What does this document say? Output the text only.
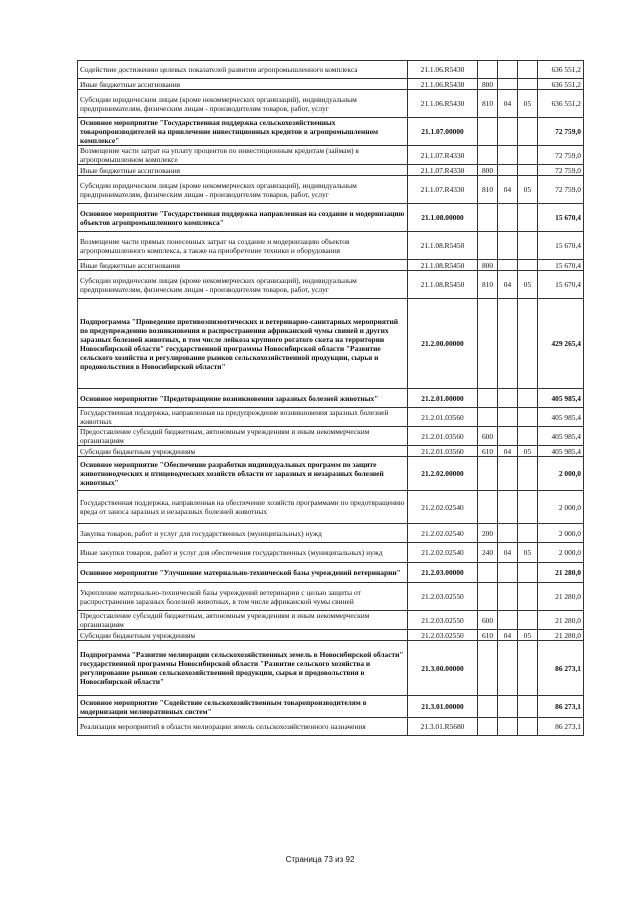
Содействие достижению целевых показателей развития агропромышленного комплекса	21.1.06.R5430				636 551,2
Иные бюджетные ассигнования	21.1.06.R5430	800			636 551,2
Субсидии юридическим лицам (кроме некоммерческих организаций), индивидуальным предпринимателям, физическим лицам - производителям товаров, работ, услуг	21.1.06.R5430	810	04	05	636 551,2
Основное мероприятие "Государственная поддержка сельскохозяйственных товаропроизводителей на привлечение инвестиционных кредитов в агропромышленном комплексе"	21.1.07.00000				72 759,0
Возмещение части затрат на уплату процентов по инвестиционным кредитам (займам) в агропромышленном комплексе	21.1.07.R4330				72 759,0
Иные бюджетные ассигнования	21.1.07.R4330	800			72 759,0
Субсидии юридическим лицам (кроме некоммерческих организаций), индивидуальным предпринимателям, физическим лицам - производителям товаров, работ, услуг	21.1.07.R4330	810	04	05	72 759,0
Основное мероприятие "Государственная поддержка направленная на создание и модернизацию объектов агропромышленного комплекса"	21.1.08.00000				15 670,4
Возмещение части прямых понесенных затрат на создание и модернизацию объектов агропромышленного комплекса, а также на приобретение техники и оборудования	21.1.08.R5450				15 670,4
Иные бюджетные ассигнования	21.1.08.R5450	800			15 670,4
Субсидии юридическим лицам (кроме некоммерческих организаций), индивидуальным предпринимателям, физическим лицам - производителям товаров, работ, услуг	21.1.08.R5450	810	04	05	15 670,4
Подпрограмма "Проведение противоэпизоотических и ветеринарно-санитарных мероприятий по предупреждению возникновения и распространения африканской чумы свиней и других заразных болезней животных, в том числе лейкоза крупного рогатого скота на территории Новосибирской области" государственной программы Новосибирской области "Развитие сельского хозяйства и регулирование рынков сельскохозяйственной продукции, сырья и продовольствия в Новосибирской области"	21.2.00.00000				429 265,4
Основное мероприятие "Предотвращение возникновения заразных болезней животных"	21.2.01.00000				405 985,4
Государственная поддержка, направленная на предупреждение возникновения заразных болезней животных	21.2.01.03560				405 985,4
Предоставление субсидий бюджетным, автономным учреждениям и иным некоммерческим организациям	21.2.01.03560	600			405 985,4
Субсидии бюджетным учреждениям	21.2.01.03560	610	04	05	405 985,4
Основное мероприятие "Обеспечение разработки индивидуальных программ по защите животноводческих и птицеводческих хозяйств области от заразных и незаразных болезней животных"	21.2.02.00000				2 000,0
Государственная поддержка, направленная на обеспечение хозяйств программами по предотвращению вреда от заноса заразных и незаразных болезней животных	21.2.02.02540				2 000,0
Закупка товаров, работ и услуг для государственных (муниципальных) нужд	21.2.02.02540	200			2 000,0
Иные закупки товаров, работ и услуг для обеспечения государственных (муниципальных) нужд	21.2.02.02540	240	04	05	2 000,0
Основное мероприятие "Улучшение материально-технической базы учреждений ветеринарии"	21.2.03.00000				21 280,0
Укрепление материально-технической базы учреждений ветеринарии с целью защиты от распространения заразных болезней животных, в том числе африканской чумы свиней	21.2.03.02550				21 280,0
Предоставление субсидий бюджетным, автономным учреждениям и иным некоммерческим организациям	21.2.03.02550	600			21 280,0
Субсидии бюджетным учреждениям	21.2.03.02550	610	04	05	21 280,0
Подпрограмма "Развитие мелиорации сельскохозяйственных земель в Новосибирской области" государственной программы Новосибирской области "Развитие сельского хозяйства и регулирование рынков сельскохозяйственной продукции, сырья и продовольствия в Новосибирской области"	21.3.00.00000				86 273,1
Основное мероприятие "Содействие сельскохозяйственным товаропроизводителям в модернизации мелиоративных систем"	21.3.01.00000				86 273,1
Реализация мероприятий в области мелиорации земель сельскохозяйственного назначения	21.3.01.R5680				86 273,1
Страница 73 из 92
